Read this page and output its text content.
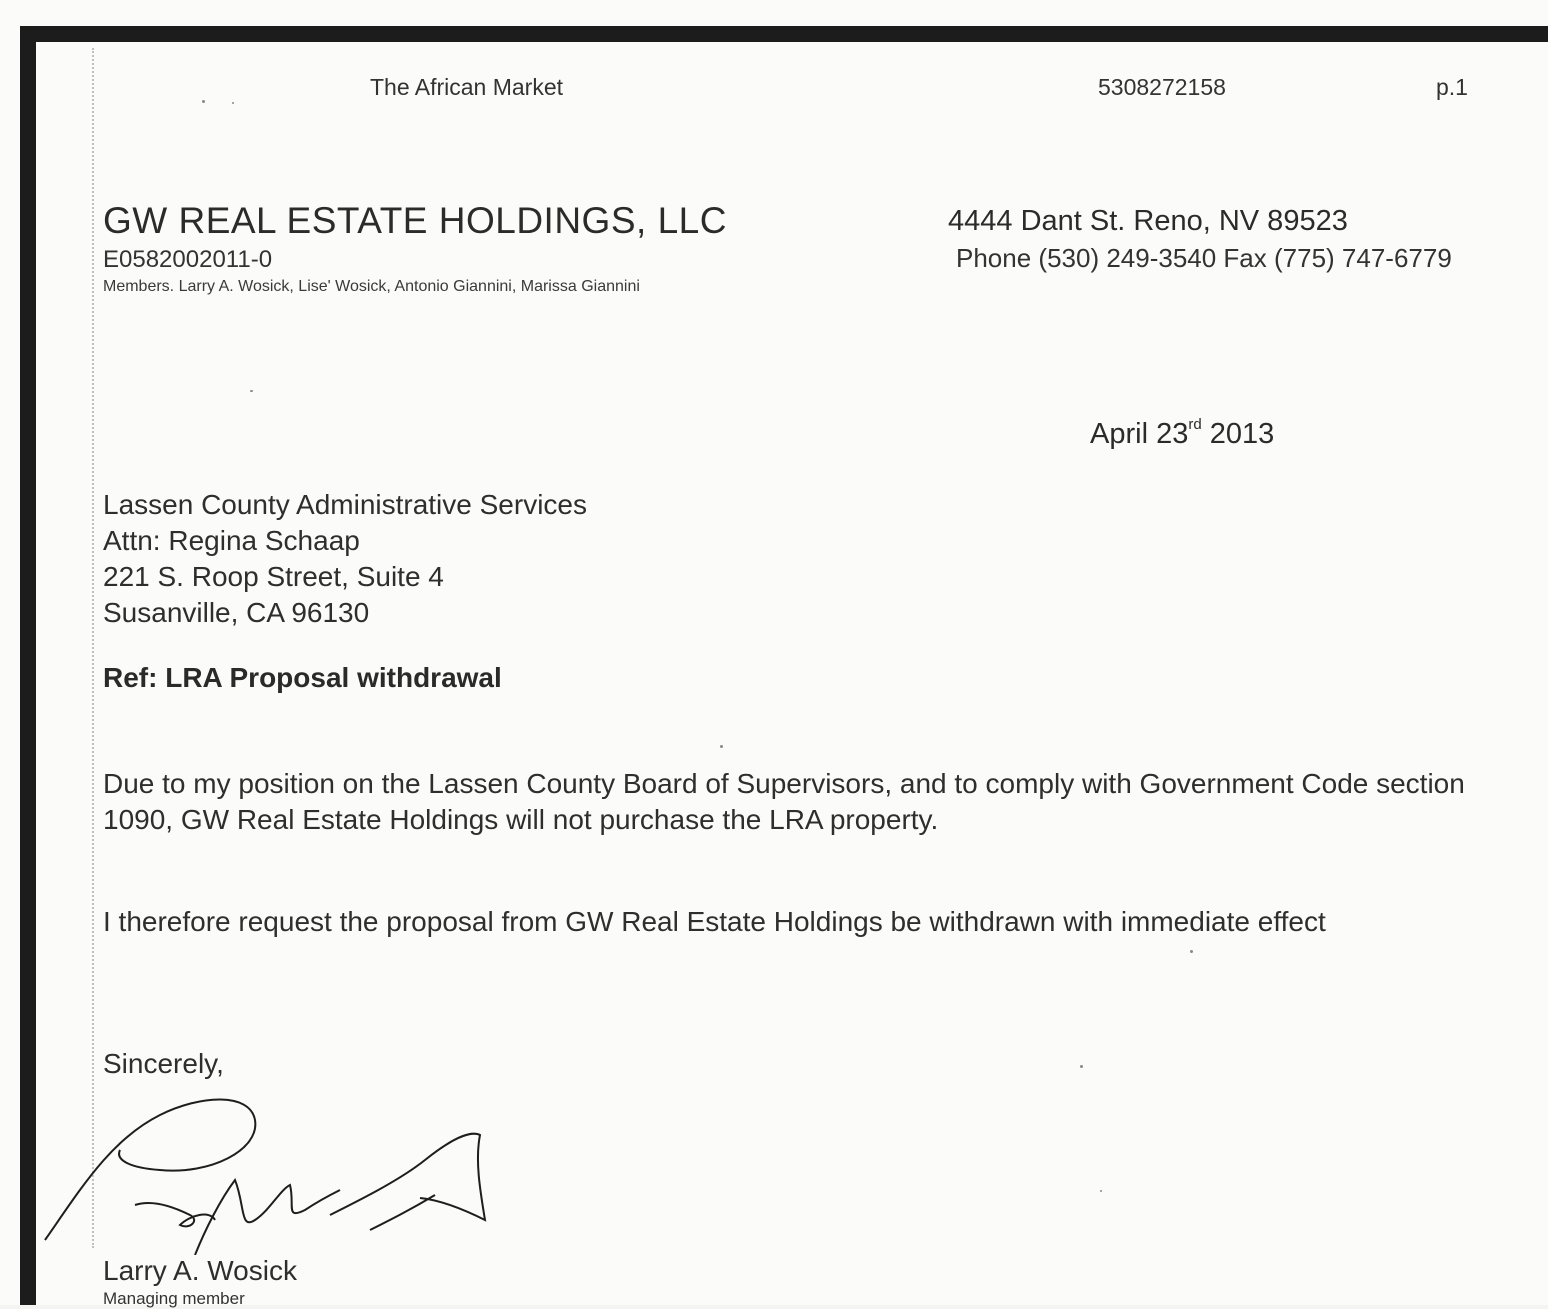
The African Market	5308272158	p.1
GW REAL ESTATE HOLDINGS, LLC
E0582002011-0
Members. Larry A. Wosick, Lise' Wosick, Antonio Giannini, Marissa Giannini
4444 Dant St. Reno, NV 89523
Phone (530) 249-3540 Fax (775) 747-6779
April 23rd 2013
Lassen County Administrative Services
Attn: Regina Schaap
221 S. Roop Street, Suite 4
Susanville, CA 96130
Ref: LRA Proposal withdrawal
Due to my position on the Lassen County Board of Supervisors, and to comply with Government Code section 1090, GW Real Estate Holdings will not purchase the LRA property.
I therefore request the proposal from GW Real Estate Holdings be withdrawn with immediate effect
Sincerely,
Larry A. Wosick
Managing member
